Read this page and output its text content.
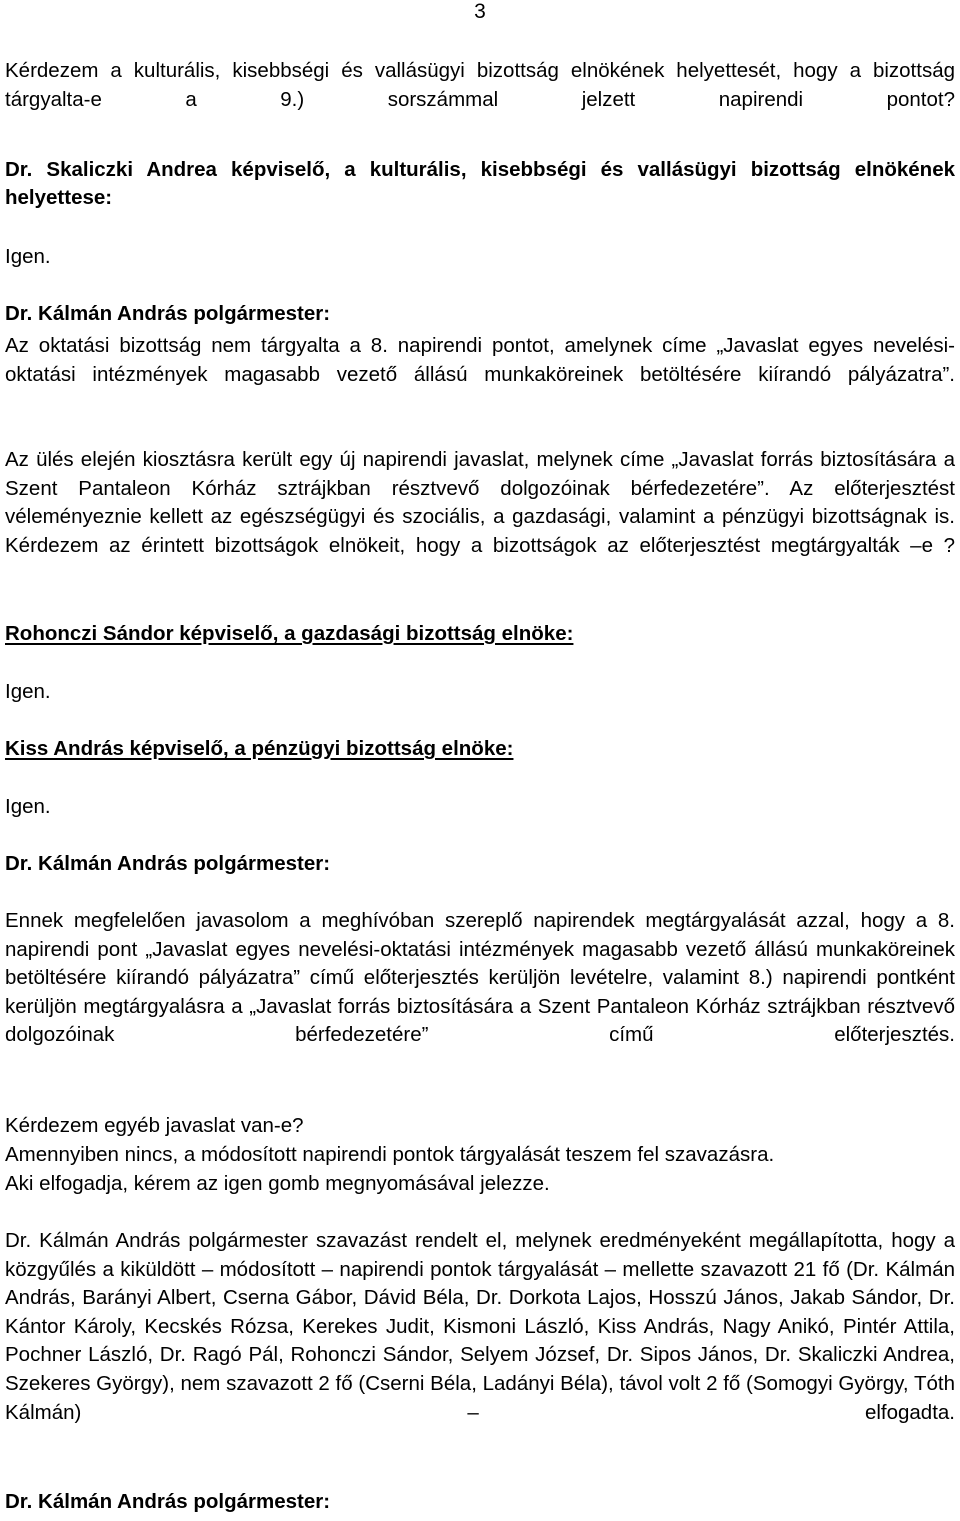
3

Kérdezem a kulturális, kisebbségi és vallásügyi bizottság elnökének helyettesét, hogy a bizottság tárgyalta-e a 9.) sorszámmal jelzett napirendi pontot?

Dr. Skaliczki Andrea képviselő, a kulturális, kisebbségi és vallásügyi bizottság elnökének helyettese:

Igen.

Dr. Kálmán András polgármester:

Az oktatási bizottság nem tárgyalta a 8. napirendi pontot, amelynek címe „Javaslat egyes nevelési-oktatási intézmények magasabb vezető állású munkaköreinek betöltésére kiírandó pályázatra”.

Az ülés elején kiosztásra került egy új napirendi javaslat, melynek címe „Javaslat forrás biztosítására a Szent Pantaleon Kórház sztrájkban résztvevő dolgozóinak bérfedezetére”. Az előterjesztést véleményeznie kellett az egészségügyi és szociális, a gazdasági, valamint a pénzügyi bizottságnak is. Kérdezem az érintett bizottságok elnökeit, hogy a bizottságok az előterjesztést megtárgyalták –e ?

Rohonczi Sándor képviselő, a gazdasági bizottság elnöke:

Igen.

Kiss András képviselő, a pénzügyi bizottság elnöke:

Igen.

Dr. Kálmán András polgármester:

Ennek megfelelően javasolom a meghívóban szereplő napirendek megtárgyalását azzal, hogy a 8. napirendi pont „Javaslat egyes nevelési-oktatási intézmények magasabb vezető állású munkaköreinek betöltésére kiírandó pályázatra” című előterjesztés kerüljön levételre, valamint 8.) napirendi pontként kerüljön megtárgyalásra a „Javaslat forrás biztosítására a Szent Pantaleon Kórház sztrájkban résztvevő dolgozóinak bérfedezetére” című előterjesztés.

Kérdezem egyéb javaslat van-e?

Amennyiben nincs, a módosított napirendi pontok tárgyalását teszem fel szavazásra.

Aki elfogadja, kérem az igen gomb megnyomásával jelezze.

Dr. Kálmán András polgármester szavazást rendelt el, melynek eredményeként megállapította, hogy a közgyűlés a kiküldött – módosított – napirendi pontok tárgyalását – mellette szavazott 21 fő (Dr. Kálmán András, Barányi Albert, Cserna Gábor, Dávid Béla, Dr. Dorkota Lajos, Hosszú János, Jakab Sándor, Dr. Kántor Károly, Kecskés Rózsa, Kerekes Judit, Kismoni László, Kiss András, Nagy Anikó, Pintér Attila, Pochner László, Dr. Ragó Pál, Rohonczi Sándor, Selyem József, Dr. Sipos János, Dr. Skaliczki Andrea, Szekeres György), nem szavazott 2 fő (Cserni Béla, Ladányi Béla), távol volt 2 fő (Somogyi György, Tóth Kálmán) – elfogadta.

Dr. Kálmán András polgármester:
